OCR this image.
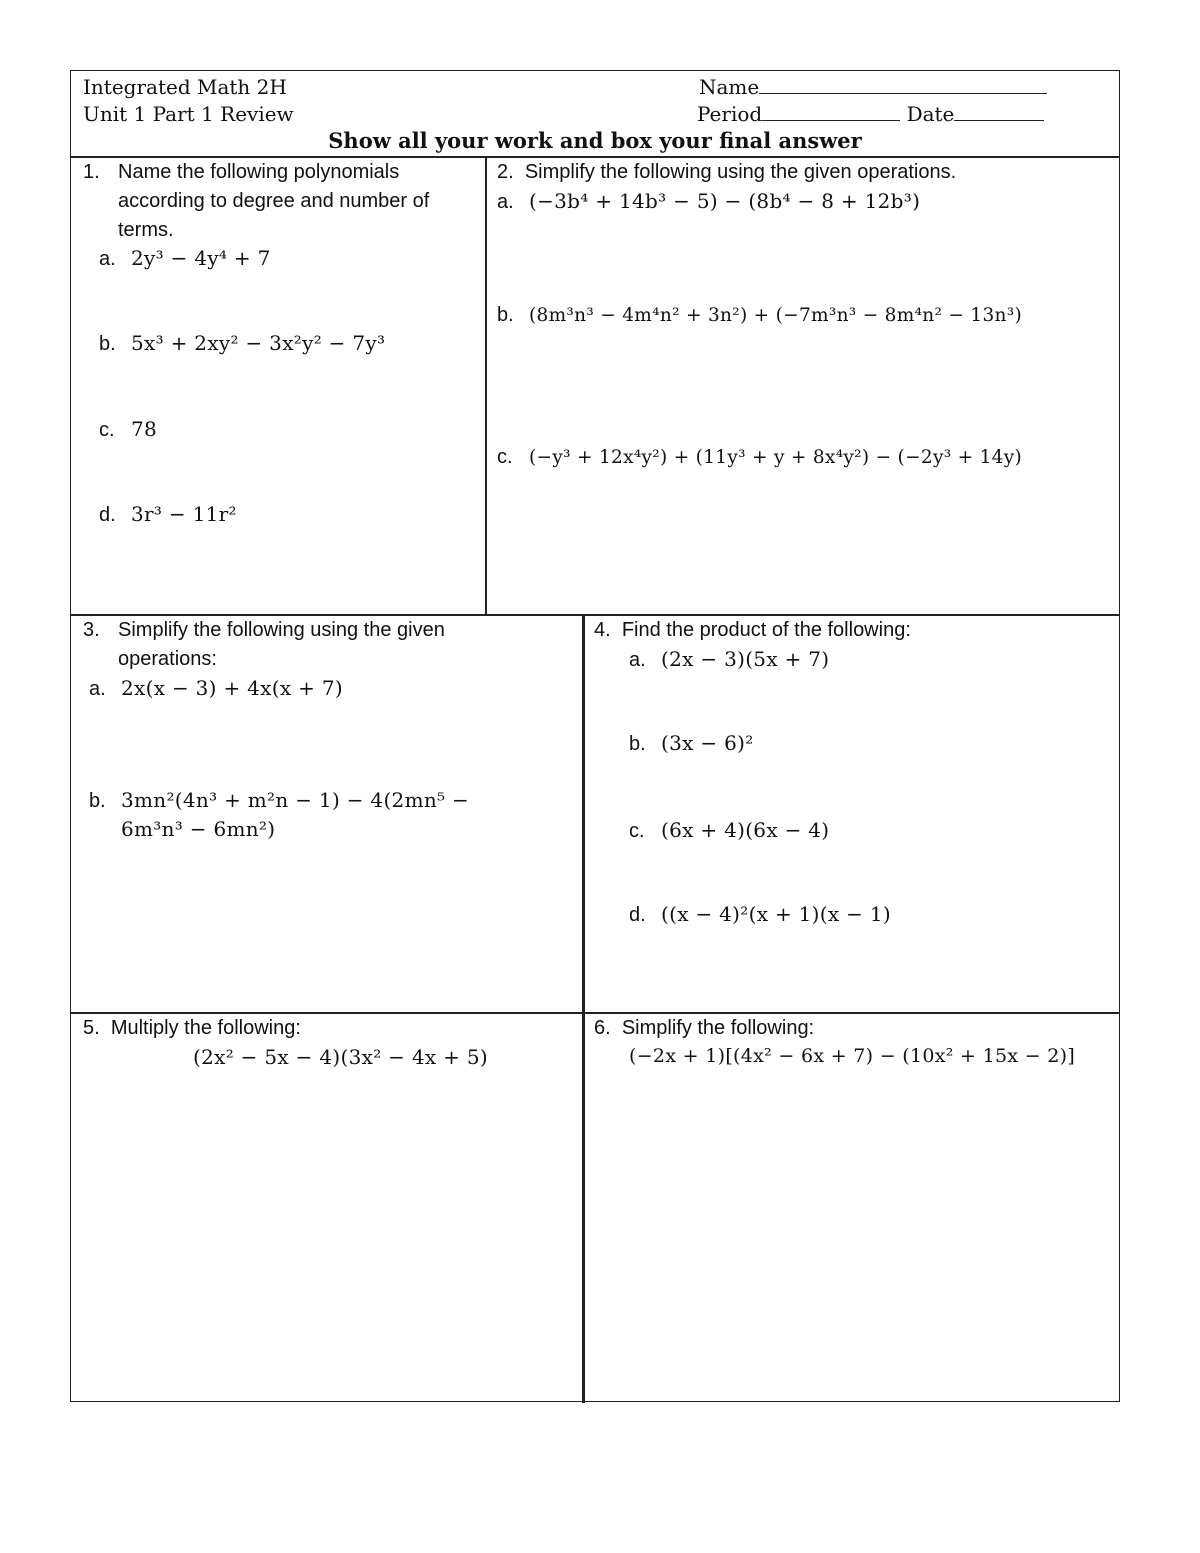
Integrated Math 2H
Unit 1 Part 1 Review
Name
Period	Date
Show all your work and box your final answer
1. Name the following polynomials
according to degree and number of
terms.
a. 2y³ − 4y⁴ + 7
b. 5x³ + 2xy² − 3x²y² − 7y³
c. 78
d. 3r³ − 11r²
2. Simplify the following using the given operations.
a. (−3b⁴ + 14b³ − 5) − (8b⁴ − 8 + 12b³)
b. (8m³n³ − 4m⁴n² + 3n²) + (−7m³n³ − 8m⁴n² − 13n³)
c. (−y³ + 12x⁴y²) + (11y³ + y + 8x⁴y²) − (−2y³ + 14y)
3. Simplify the following using the given
operations:
a. 2x(x − 3) + 4x(x + 7)
b. 3mn²(4n³ + m²n − 1) − 4(2mn⁵ −
6m³n³ − 6mn²)
4. Find the product of the following:
a. (2x − 3)(5x + 7)
b. (3x − 6)²
c. (6x + 4)(6x − 4)
d. ((x − 4)²(x + 1)(x − 1)
5. Multiply the following:
(2x² − 5x − 4)(3x² − 4x + 5)
6. Simplify the following:
(−2x + 1)[(4x² − 6x + 7) − (10x² + 15x − 2)]
